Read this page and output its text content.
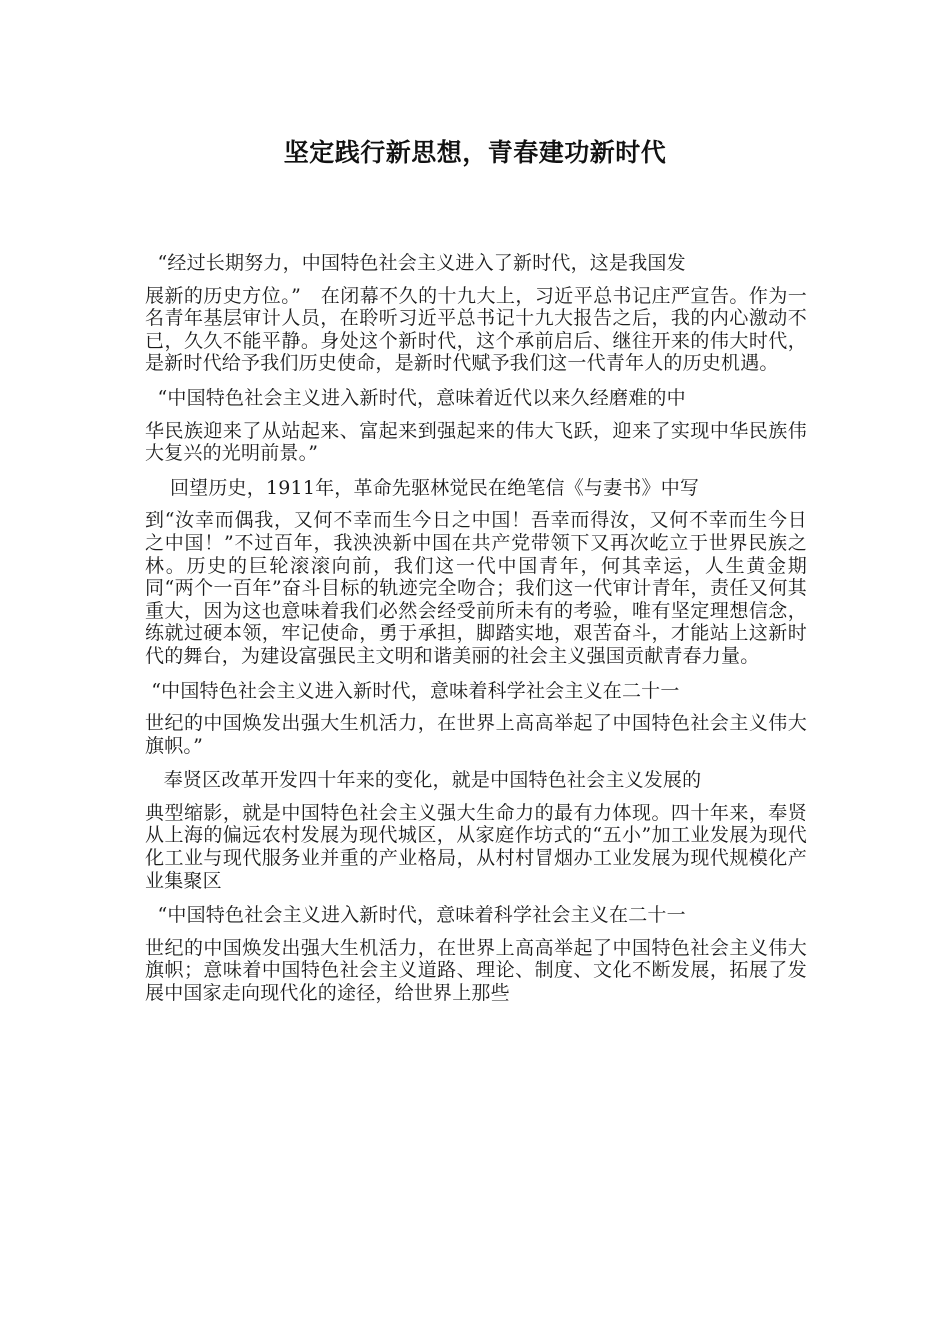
坚定践行新思想，青春建功新时代

“经过长期努力，中国特色社会主义进入了新时代，这是我国发
展新的历史方位。”　在闭幕不久的十九大上，习近平总书记庄严宣告。作为一名青年基层审计人员，在聆听习近平总书记十九大报告之后，我的内心激动不已，久久不能平静。身处这个新时代，这个承前启后、继往开来的伟大时代，是新时代给予我们历史使命，是新时代赋予我们这一代青年人的历史机遇。

“中国特色社会主义进入新时代，意味着近代以来久经磨难的中
华民族迎来了从站起来、富起来到强起来的伟大飞跃，迎来了实现中华民族伟大复兴的光明前景。”

回望历史，1911年，革命先驱林觉民在绝笔信《与妻书》中写
到“汝幸而偶我，又何不幸而生今日之中国！吾幸而得汝，又何不幸而生今日之中国！”不过百年，我泱泱新中国在共产党带领下又再次屹立于世界民族之林。历史的巨轮滚滚向前，我们这一代中国青年，何其幸运，人生黄金期同“两个一百年”奋斗目标的轨迹完全吻合；我们这一代审计青年，责任又何其重大，因为这也意味着我们必然会经受前所未有的考验，唯有坚定理想信念，练就过硬本领，牢记使命，勇于承担，脚踏实地，艰苦奋斗，才能站上这新时代的舞台，为建设富强民主文明和谐美丽的社会主义强国贡献青春力量。

“中国特色社会主义进入新时代，意味着科学社会主义在二十一
世纪的中国焕发出强大生机活力，在世界上高高举起了中国特色社会主义伟大旗帜。”

奉贤区改革开发四十年来的变化，就是中国特色社会主义发展的
典型缩影，就是中国特色社会主义强大生命力的最有力体现。四十年来，奉贤从上海的偏远农村发展为现代城区，从家庭作坊式的“五小”加工业发展为现代化工业与现代服务业并重的产业格局，从村村冒烟办工业发展为现代规模化产业集聚区

“中国特色社会主义进入新时代，意味着科学社会主义在二十一
世纪的中国焕发出强大生机活力，在世界上高高举起了中国特色社会主义伟大旗帜；意味着中国特色社会主义道路、理论、制度、文化不断发展，拓展了发展中国家走向现代化的途径，给世界上那些
